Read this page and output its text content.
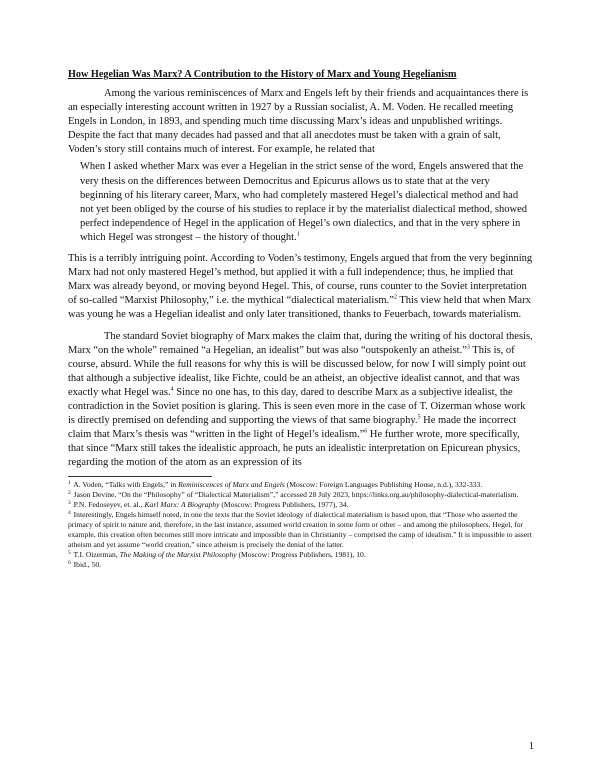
How Hegelian Was Marx? A Contribution to the History of Marx and Young Hegelianism

Among the various reminiscences of Marx and Engels left by their friends and acquaintances there is an especially interesting account written in 1927 by a Russian socialist, A. M. Voden. He recalled meeting Engels in London, in 1893, and spending much time discussing Marx’s ideas and unpublished writings. Despite the fact that many decades had passed and that all anecdotes must be taken with a grain of salt, Voden’s story still contains much of interest. For example, he related that

When I asked whether Marx was ever a Hegelian in the strict sense of the word, Engels answered that the very thesis on the differences between Democritus and Epicurus allows us to state that at the very beginning of his literary career, Marx, who had completely mastered Hegel’s dialectical method and had not yet been obliged by the course of his studies to replace it by the materialist dialectical method, showed perfect independence of Hegel in the application of Hegel’s own dialectics, and that in the very sphere in which Hegel was strongest – the history of thought.$^1$

This is a terribly intriguing point. According to Voden’s testimony, Engels argued that from the very beginning Marx had not only mastered Hegel’s method, but applied it with a full independence; thus, he implied that Marx was already beyond, or moving beyond Hegel. This, of course, runs counter to the Soviet interpretation of so-called “Marxist Philosophy,” i.e. the mythical “dialectical materialism.”$^2$ This view held that when Marx was young he was a Hegelian idealist and only later transitioned, thanks to Feuerbach, towards materialism.

The standard Soviet biography of Marx makes the claim that, during the writing of his doctoral thesis, Marx “on the whole” remained “a Hegelian, an idealist” but was also “outspokenly an atheist.”$^3$ This is, of course, absurd. While the full reasons for why this is will be discussed below, for now I will simply point out that although a subjective idealist, like Fichte, could be an atheist, an objective idealist cannot, and that was exactly what Hegel was.$^4$ Since no one has, to this day, dared to describe Marx as a subjective idealist, the contradiction in the Soviet position is glaring. This is seen even more in the case of T. Oizerman whose work is directly premised on defending and supporting the views of that same biography.$^5$ He made the incorrect claim that Marx’s thesis was “written in the light of Hegel’s idealism.”$^6$ He further wrote, more specifically, that since “Marx still takes the idealistic approach, he puts an idealistic interpretation on Epicurean physics, regarding the motion of the atom as an expression of its

$^1$ A. Voden, “Talks with Engels,” in Reminiscences of Marx and Engels (Moscow: Foreign Languages Publishing House, n.d.), 332-333.

$^2$ Jason Devine, “On the “Philosophy” of “Dialectical Materialism”,” accessed 28 July 2023, https://links.org.au/philosophy-dialectical-materialism.

$^3$ P.N. Fedoseyev, et. al., Karl Marx: A Biography (Moscow: Progress Publishers, 1977), 34.

$^4$ Interestingly, Engels himself noted, in one the texts that the Soviet ideology of dialectical materialism is based upon, that “Those who asserted the primacy of spirit to nature and, therefore, in the last instance, assumed world creation in some form or other – and among the philosophers, Hegel, for example, this creation often becomes still more intricate and impossible than in Christianity – comprised the camp of idealism.” It is impossible to assert atheism and yet assume “world creation,” since atheism is precisely the denial of the latter.

$^5$ T.I. Oizerman, The Making of the Marxist Philosophy (Moscow: Progress Publishers, 1981), 10.

$^6$ Ibid., 50.

1
